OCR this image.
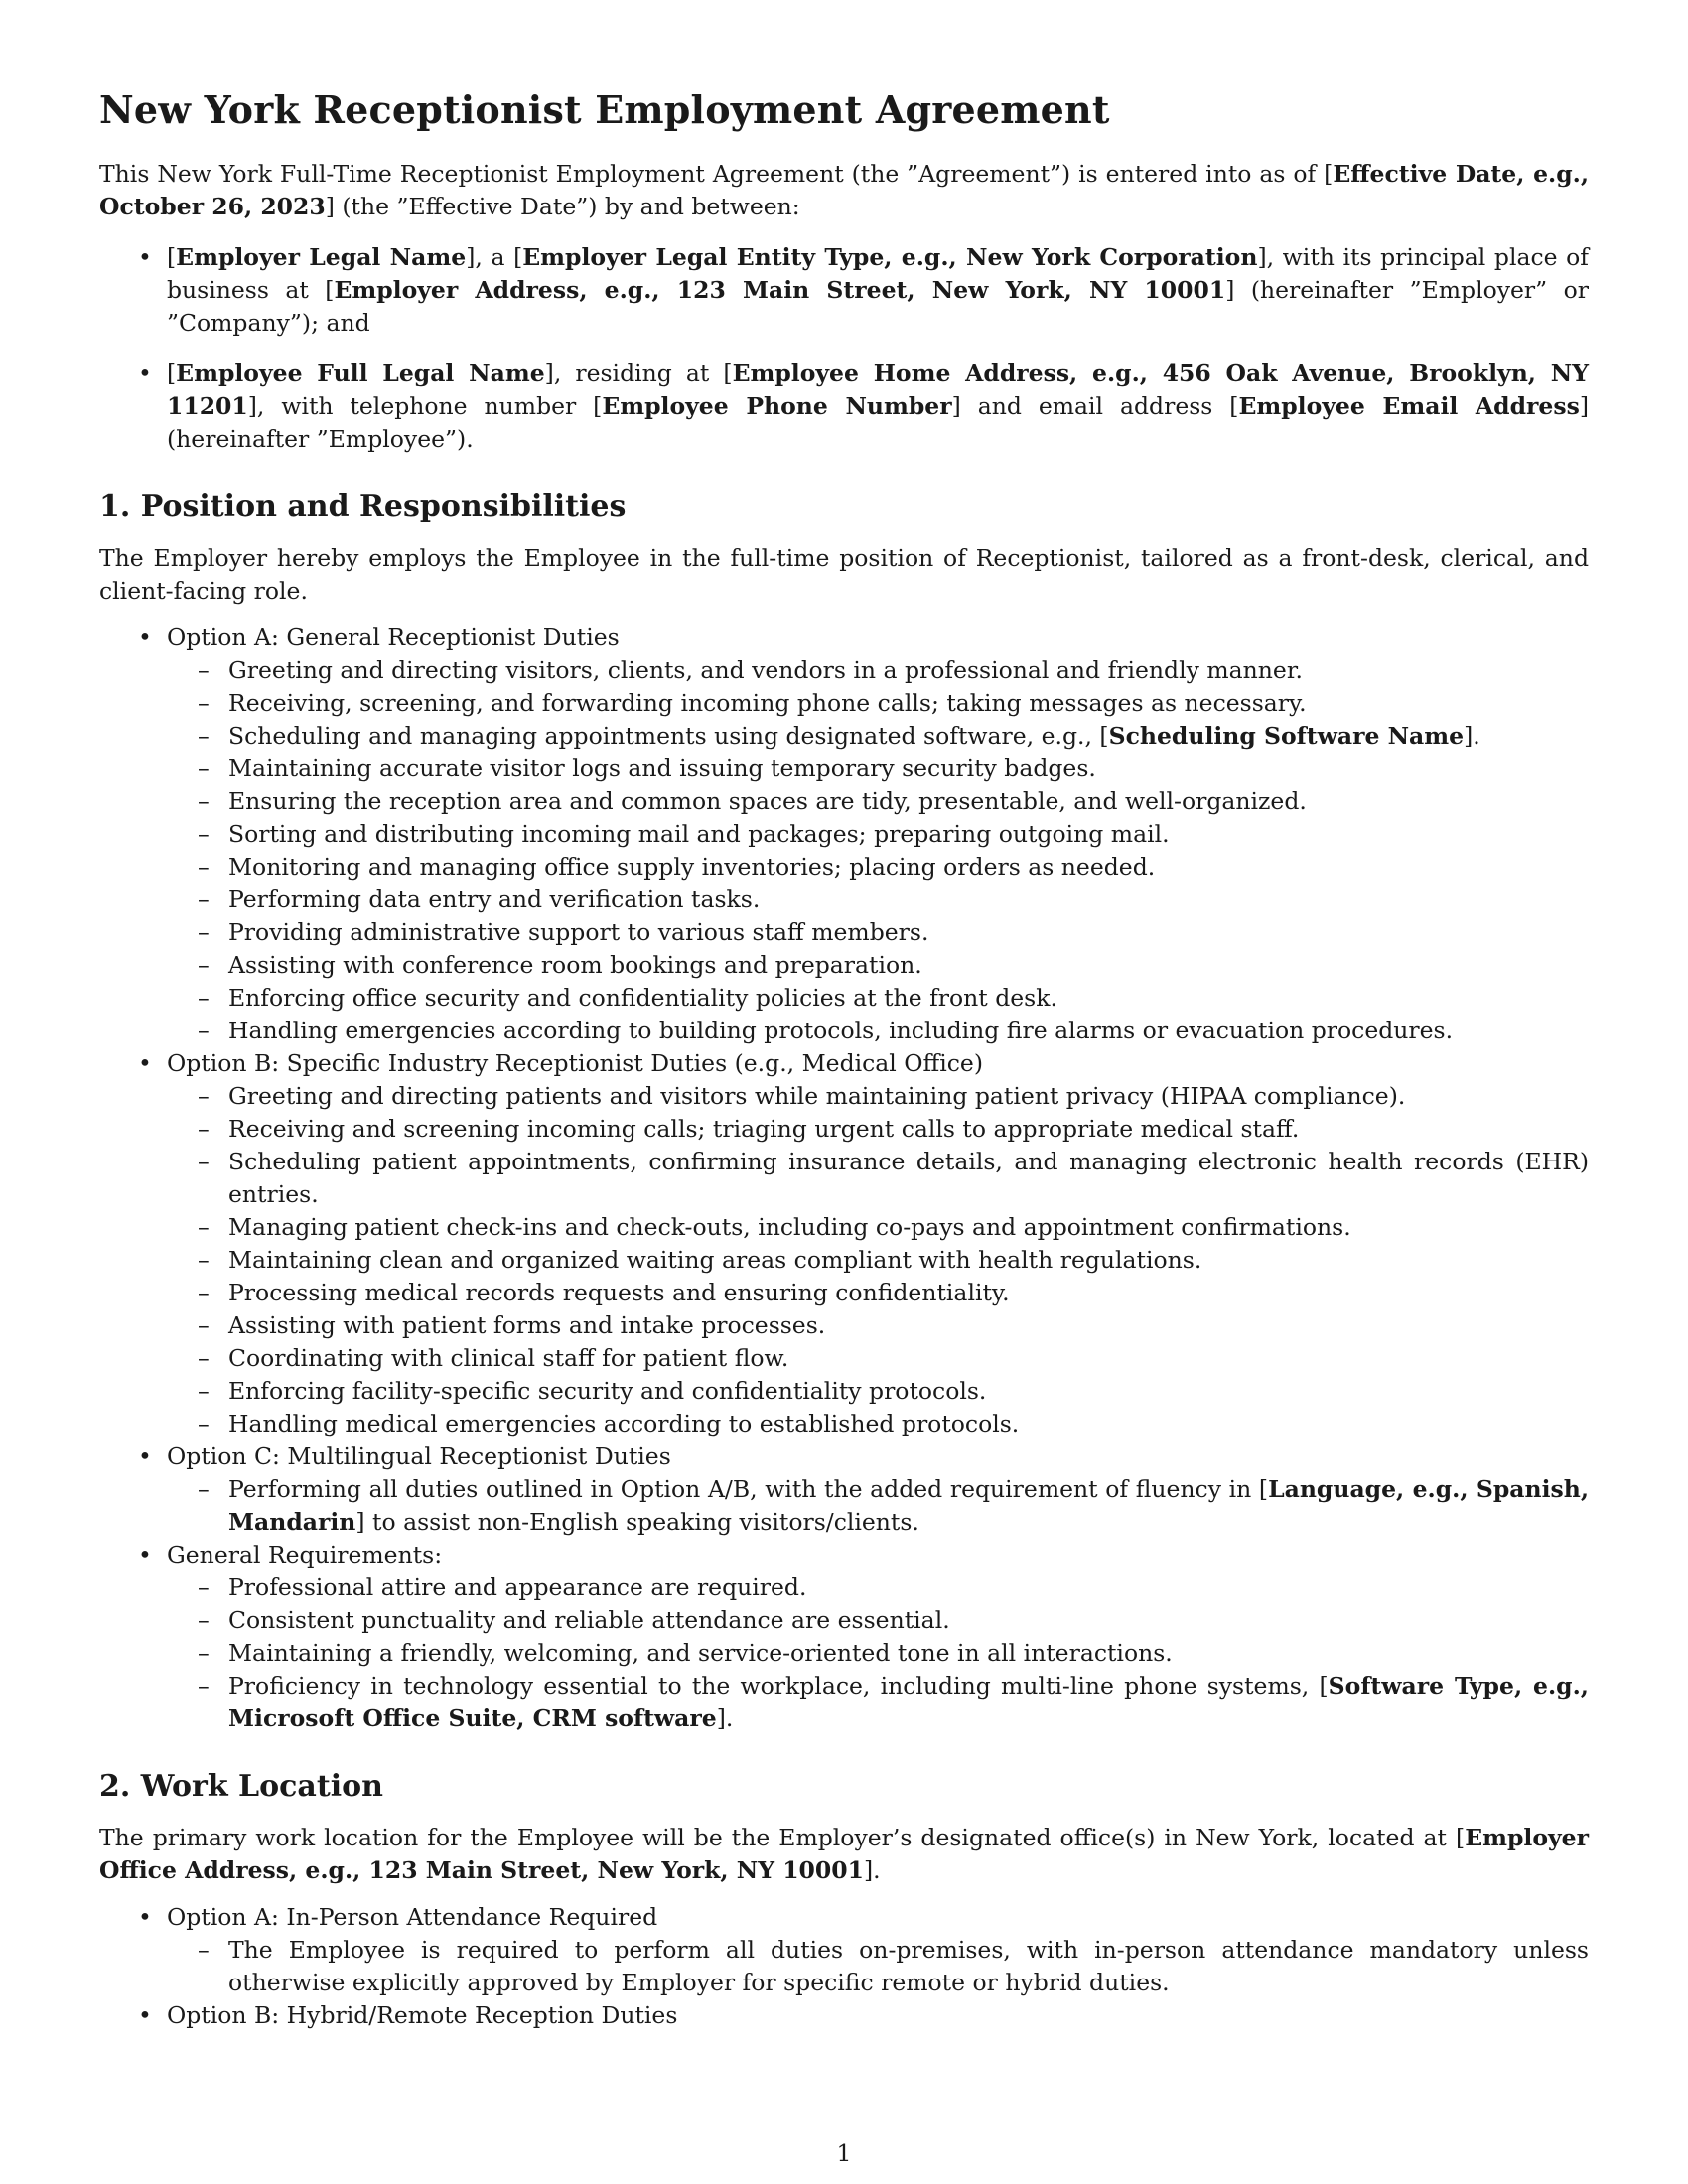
New York Receptionist Employment Agreement

This New York Full-Time Receptionist Employment Agreement (the ”Agreement”) is entered into as of [Effective Date, e.g., October 26, 2023] (the ”Effective Date”) by and between:

• [Employer Legal Name], a [Employer Legal Entity Type, e.g., New York Corporation], with its principal place of business at [Employer Address, e.g., 123 Main Street, New York, NY 10001] (hereinafter ”Employer” or ”Company”); and
• [Employee Full Legal Name], residing at [Employee Home Address, e.g., 456 Oak Avenue, Brooklyn, NY 11201], with telephone number [Employee Phone Number] and email address [Employee Email Address] (hereinafter ”Employee”).
1. Position and Responsibilities

The Employer hereby employs the Employee in the full-time position of Receptionist, tailored as a front-desk, clerical, and client-facing role.

• Option A: General Receptionist Duties
– Greeting and directing visitors, clients, and vendors in a professional and friendly manner.
– Receiving, screening, and forwarding incoming phone calls; taking messages as necessary.
– Scheduling and managing appointments using designated software, e.g., [Scheduling Software Name].
– Maintaining accurate visitor logs and issuing temporary security badges.
– Ensuring the reception area and common spaces are tidy, presentable, and well-organized.
– Sorting and distributing incoming mail and packages; preparing outgoing mail.
– Monitoring and managing office supply inventories; placing orders as needed.
– Performing data entry and verification tasks.
– Providing administrative support to various staff members.
– Assisting with conference room bookings and preparation.
– Enforcing office security and confidentiality policies at the front desk.
– Handling emergencies according to building protocols, including fire alarms or evacuation procedures.
• Option B: Specific Industry Receptionist Duties (e.g., Medical Office)
– Greeting and directing patients and visitors while maintaining patient privacy (HIPAA compliance).
– Receiving and screening incoming calls; triaging urgent calls to appropriate medical staff.
– Scheduling patient appointments, confirming insurance details, and managing electronic health records (EHR) entries.
– Managing patient check-ins and check-outs, including co-pays and appointment confirmations.
– Maintaining clean and organized waiting areas compliant with health regulations.
– Processing medical records requests and ensuring confidentiality.
– Assisting with patient forms and intake processes.
– Coordinating with clinical staff for patient flow.
– Enforcing facility-specific security and confidentiality protocols.
– Handling medical emergencies according to established protocols.
• Option C: Multilingual Receptionist Duties
– Performing all duties outlined in Option A/B, with the added requirement of fluency in [Language, e.g., Spanish, Mandarin] to assist non-English speaking visitors/clients.
• General Requirements:
– Professional attire and appearance are required.
– Consistent punctuality and reliable attendance are essential.
– Maintaining a friendly, welcoming, and service-oriented tone in all interactions.
– Proficiency in technology essential to the workplace, including multi-line phone systems, [Software Type, e.g., Microsoft Office Suite, CRM software].
2. Work Location

The primary work location for the Employee will be the Employer’s designated office(s) in New York, located at [Employer Office Address, e.g., 123 Main Street, New York, NY 10001].

• Option A: In-Person Attendance Required
– The Employee is required to perform all duties on-premises, with in-person attendance mandatory unless otherwise explicitly approved by Employer for specific remote or hybrid duties.
• Option B: Hybrid/Remote Reception Duties
1
